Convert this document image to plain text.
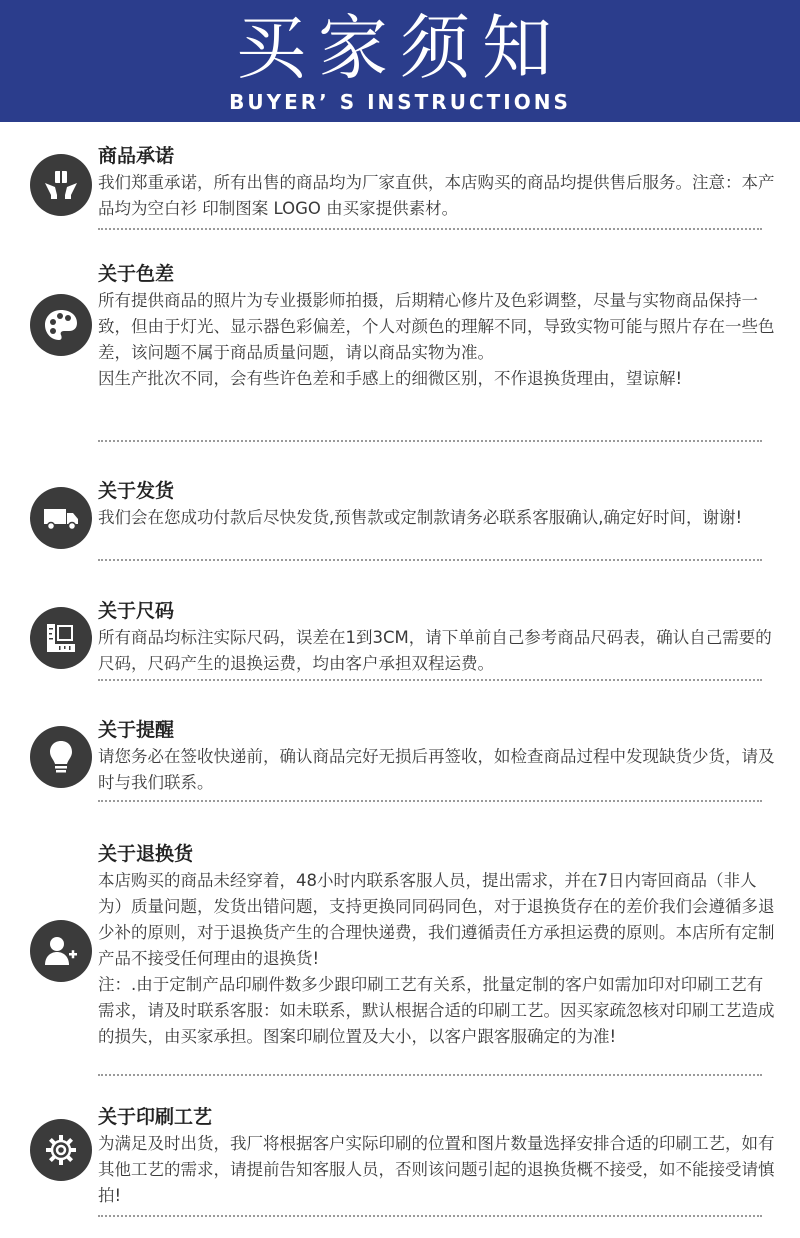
买家须知
BUYER’ S INSTRUCTIONS
商品承诺

我们郑重承诺，所有出售的商品均为厂家直供，本店购买的商品均提供售后服务。注意：本产品均为空白衫 印制图案 LOGO 由买家提供素材。

关于色差

所有提供商品的照片为专业摄影师拍摄，后期精心修片及色彩调整，尽量与实物商品保持一致，但由于灯光、显示器色彩偏差，个人对颜色的理解不同，导致实物可能与照片存在一些色差，该问题不属于商品质量问题，请以商品实物为准。

因生产批次不同，会有些许色差和手感上的细微区别，不作退换货理由，望谅解!

关于发货

我们会在您成功付款后尽快发货,预售款或定制款请务必联系客服确认,确定好时间，谢谢!

关于尺码

所有商品均标注实际尺码，误差在1到3CM，请下单前自己参考商品尺码表，确认自己需要的尺码，尺码产生的退换运费，均由客户承担双程运费。

关于提醒

请您务必在签收快递前，确认商品完好无损后再签收，如检查商品过程中发现缺货少货，请及时与我们联系。

关于退换货

本店购买的商品未经穿着，48小时内联系客服人员，提出需求，并在7日内寄回商品（非人为）质量问题，发货出错问题，支持更换同同码同色，对于退换货存在的差价我们会遵循多退少补的原则，对于退换货产生的合理快递费，我们遵循责任方承担运费的原则。本店所有定制产品不接受任何理由的退换货!

注：.由于定制产品印刷件数多少跟印刷工艺有关系，批量定制的客户如需加印对印刷工艺有需求，请及时联系客服：如未联系，默认根据合适的印刷工艺。因买家疏忽核对印刷工艺造成的损失，由买家承担。图案印刷位置及大小，以客户跟客服确定的为准!

关于印刷工艺

为满足及时出货，我厂将根据客户实际印刷的位置和图片数量选择安排合适的印刷工艺，如有其他工艺的需求，请提前告知客服人员，否则该问题引起的退换货概不接受，如不能接受请慎拍!
